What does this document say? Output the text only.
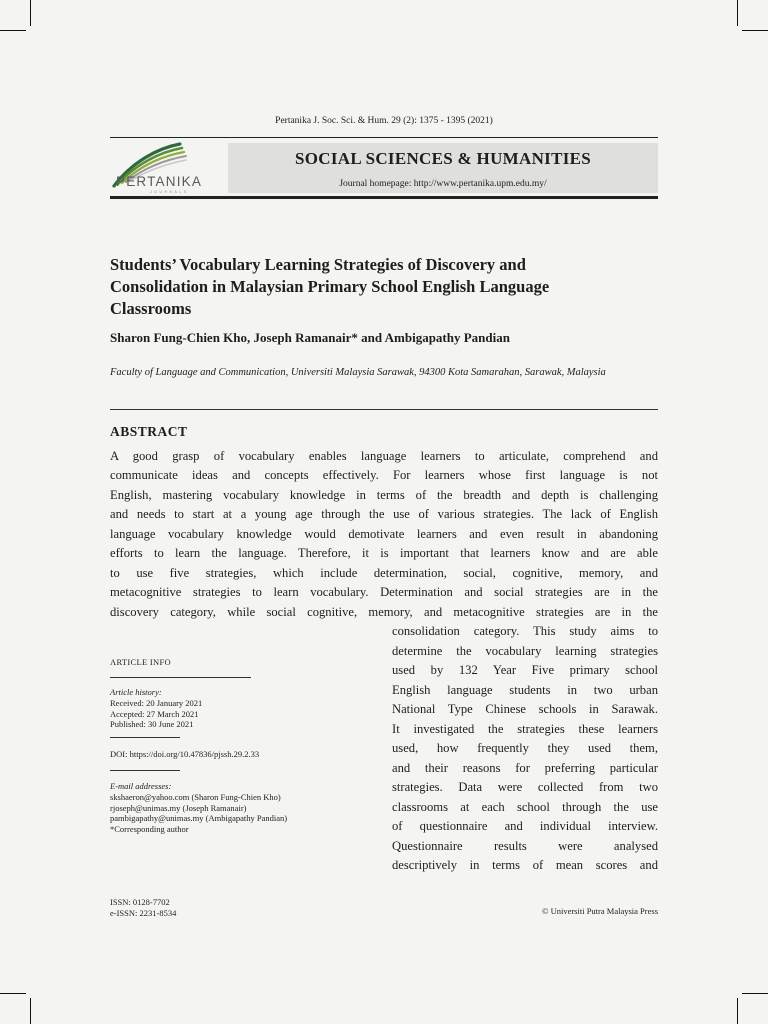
Pertanika J. Soc. Sci. & Hum. 29 (2): 1375 - 1395 (2021)
PERTANIKA
JOURNALS
SOCIAL SCIENCES & HUMANITIES
Journal homepage: http://www.pertanika.upm.edu.my/
Students’ Vocabulary Learning Strategies of Discovery and
Consolidation in Malaysian Primary School English Language
Classrooms
Sharon Fung-Chien Kho, Joseph Ramanair* and Ambigapathy Pandian
Faculty of Language and Communication, Universiti Malaysia Sarawak, 94300 Kota Samarahan, Sarawak, Malaysia
ABSTRACT
A good grasp of vocabulary enables language learners to articulate, comprehend and
communicate ideas and concepts effectively. For learners whose first language is not
English, mastering vocabulary knowledge in terms of the breadth and depth is challenging
and needs to start at a young age through the use of various strategies. The lack of English
language vocabulary knowledge would demotivate learners and even result in abandoning
efforts to learn the language. Therefore, it is important that learners know and are able
to use five strategies, which include determination, social, cognitive, memory, and
metacognitive strategies to learn vocabulary. Determination and social strategies are in the
discovery category, while social cognitive, memory, and metacognitive strategies are in the
consolidation category. This study aims to
determine the vocabulary learning strategies
used by 132 Year Five primary school
English language students in two urban
National Type Chinese schools in Sarawak.
It investigated the strategies these learners
used, how frequently they used them,
and their reasons for preferring particular
strategies. Data were collected from two
classrooms at each school through the use
of questionnaire and individual interview.
Questionnaire results were analysed
descriptively in terms of mean scores and
ARTICLE INFO
Article history:
Received: 20 January 2021
Accepted: 27 March 2021
Published: 30 June 2021
DOI: https://doi.org/10.47836/pjssh.29.2.33
E-mail addresses:
skshaeron@yahoo.com (Sharon Fung-Chien Kho)
rjoseph@unimas.my (Joseph Ramanair)
pambigapathy@unimas.my (Ambigapathy Pandian)
*Corresponding author
ISSN: 0128-7702
e-ISSN: 2231-8534	© Universiti Putra Malaysia Press
